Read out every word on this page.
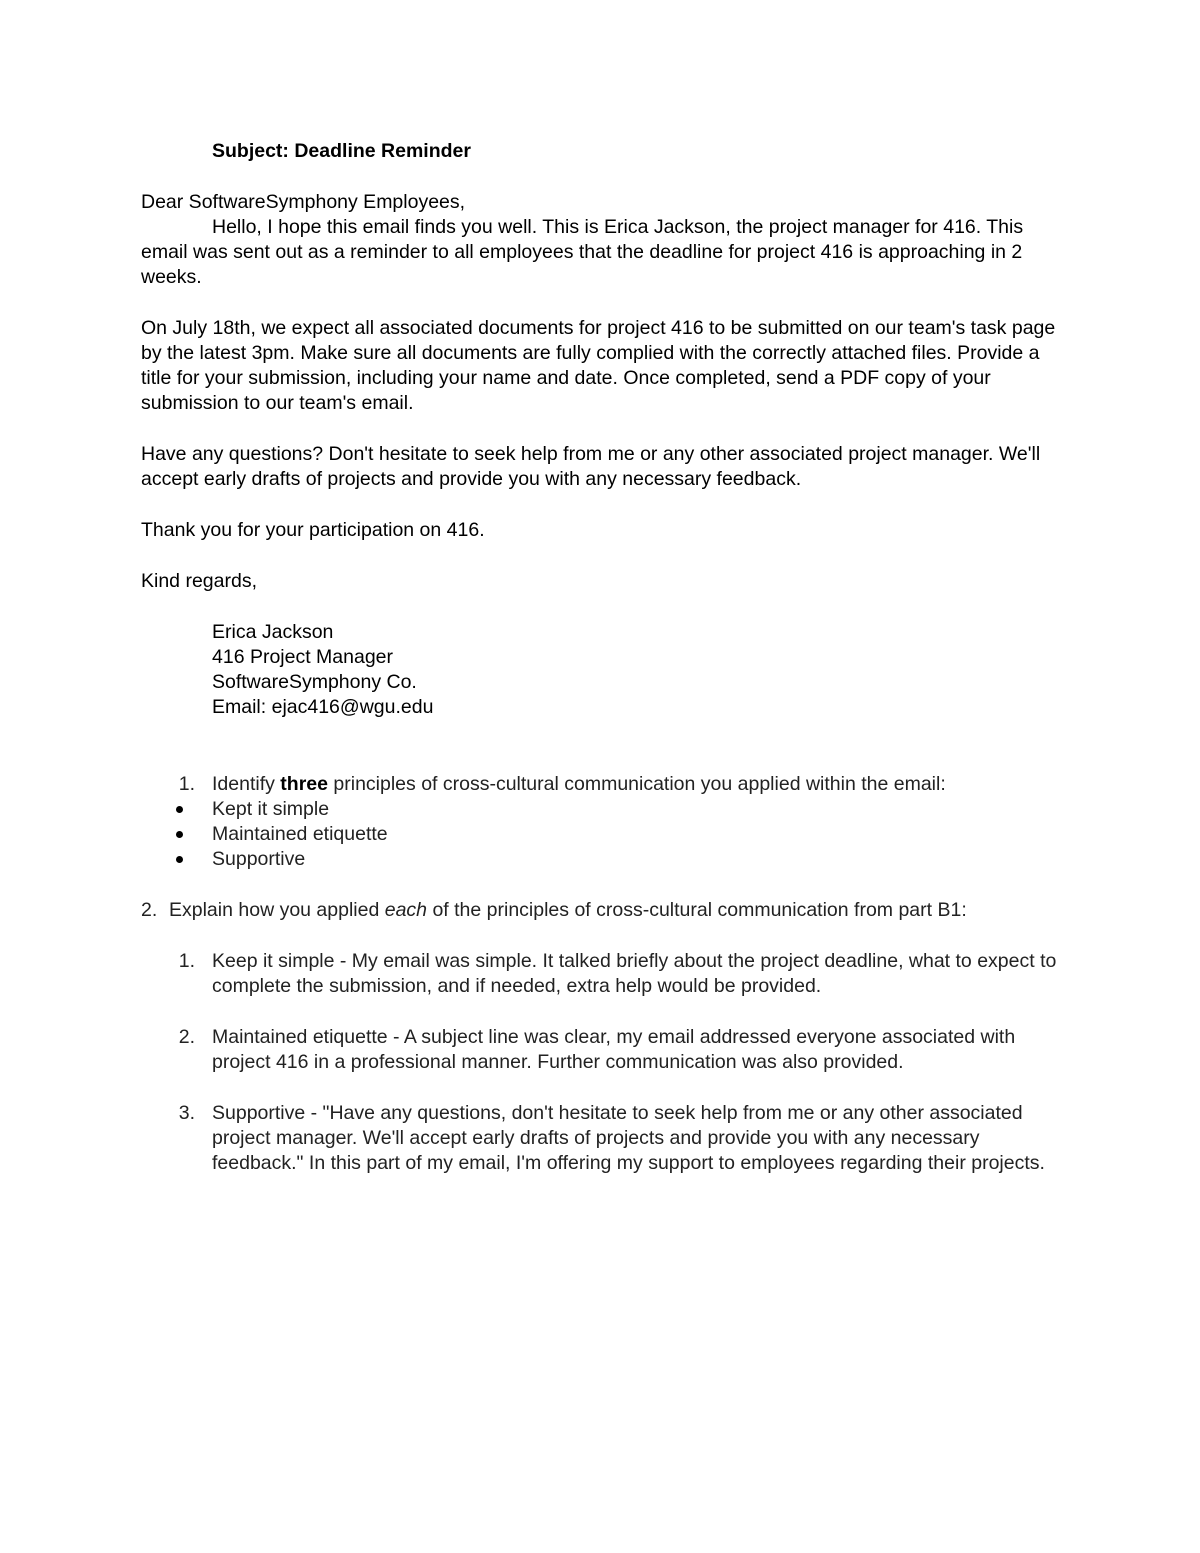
Subject: Deadline Reminder

Dear SoftwareSymphony Employees,

Hello, I hope this email finds you well. This is Erica Jackson, the project manager for 416. This email was sent out as a reminder to all employees that the deadline for project 416 is approaching in 2 weeks.

On July 18th, we expect all associated documents for project 416 to be submitted on our team's task page by the latest 3pm. Make sure all documents are fully complied with the correctly attached files. Provide a title for your submission, including your name and date. Once completed, send a PDF copy of your submission to our team's email.

Have any questions? Don't hesitate to seek help from me or any other associated project manager. We'll accept early drafts of projects and provide you with any necessary feedback.

Thank you for your participation on 416.

Kind regards,

Erica Jackson

416 Project Manager

SoftwareSymphony Co.

Email: ejac416@wgu.edu

1. Identify three principles of cross-cultural communication you applied within the email:
Kept it simple
Maintained etiquette
Supportive
2. Explain how you applied each of the principles of cross-cultural communication from part B1:
1. Keep it simple - My email was simple. It talked briefly about the project deadline, what to expect to complete the submission, and if needed, extra help would be provided.
2. Maintained etiquette - A subject line was clear, my email addressed everyone associated with project 416 in a professional manner. Further communication was also provided.
3. Supportive - "Have any questions, don't hesitate to seek help from me or any other associated project manager. We'll accept early drafts of projects and provide you with any necessary feedback." In this part of my email, I'm offering my support to employees regarding their projects.
